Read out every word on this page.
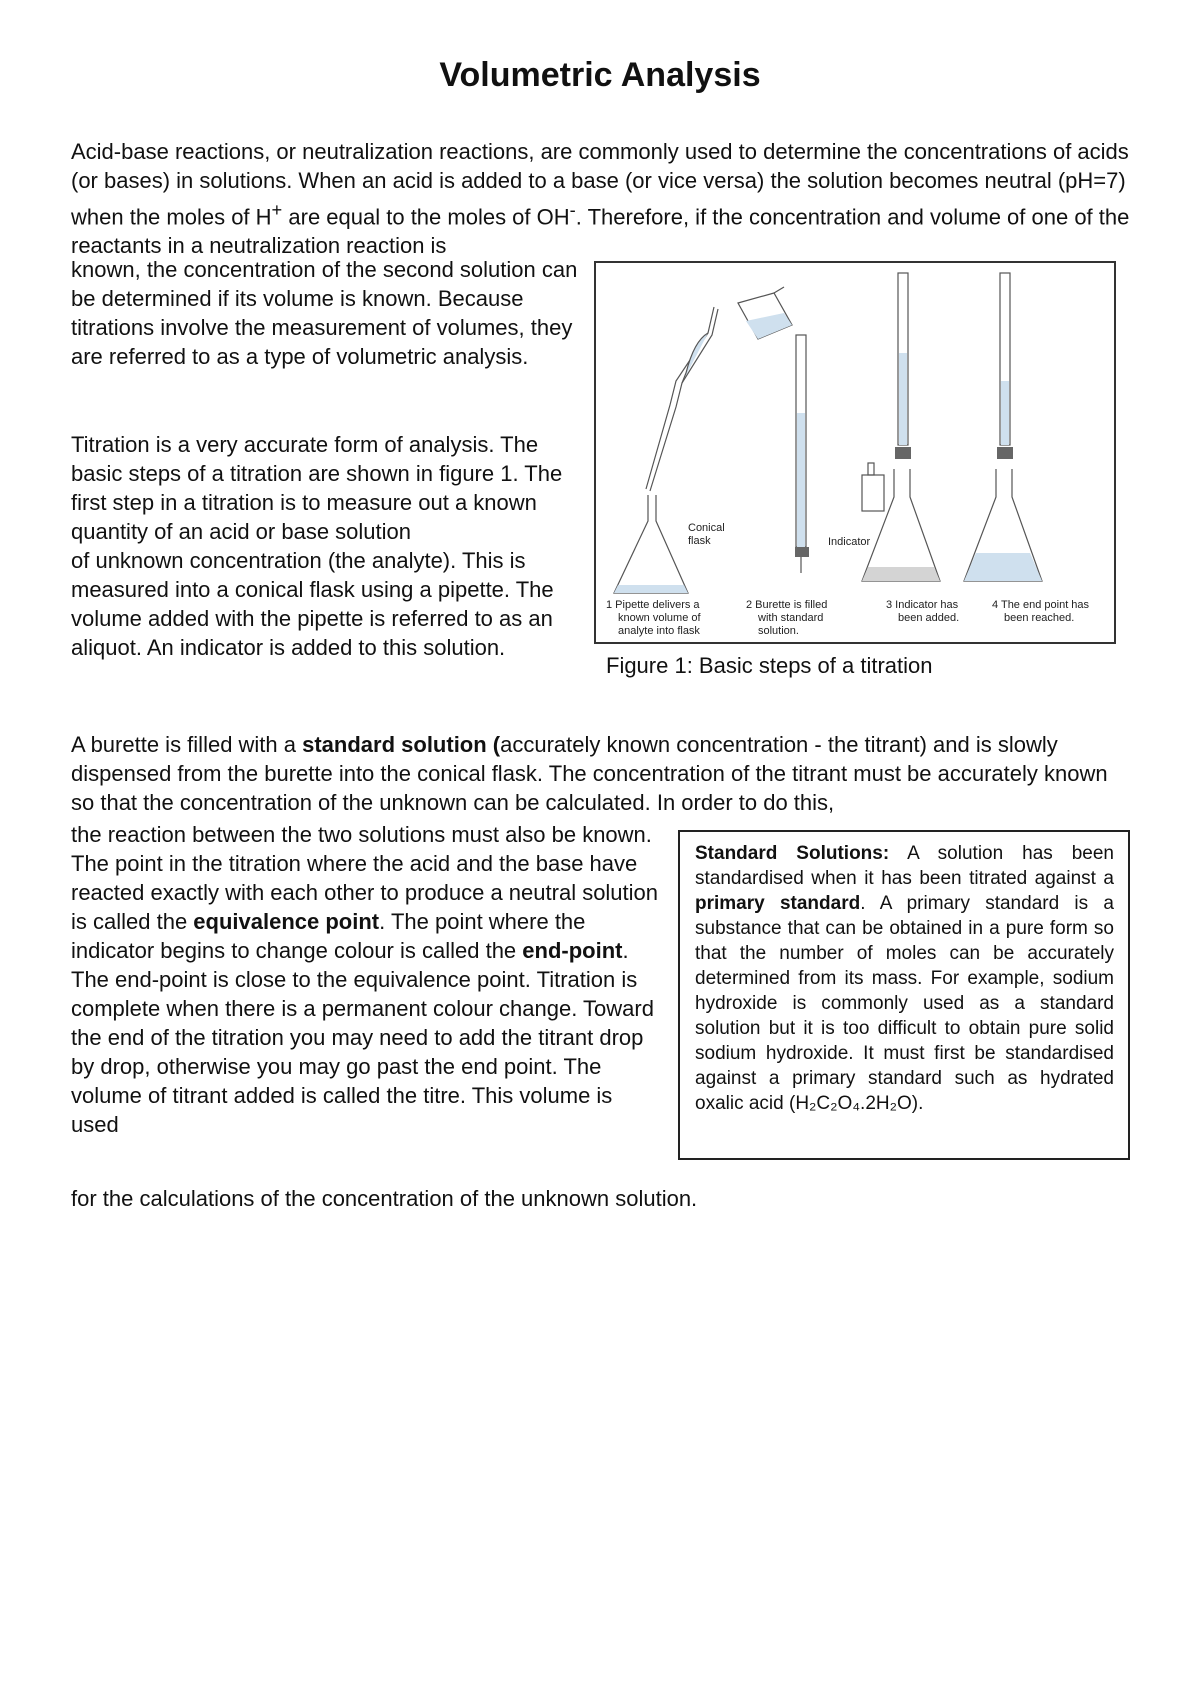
Volumetric Analysis

Acid-base reactions, or neutralization reactions, are commonly used to determine the concentrations of acids (or bases) in solutions. When an acid is added to a base (or vice versa) the solution becomes neutral (pH=7) when the moles of H+ are equal to the moles of OH-. Therefore, if the concentration and volume of one of the reactants in a neutralization reaction is

known, the concentration of the second solution can be determined if its volume is known. Because titrations involve the measurement of volumes, they are referred to as a type of volumetric analysis.

Titration is a very accurate form of analysis. The basic steps of a titration are shown in figure 1. The first step in a titration is to measure out a known quantity of an acid or base solution
of unknown concentration (the analyte). This is measured into a conical flask using a pipette. The volume added with the pipette is referred to as an aliquot. An indicator is added to this solution.

Conical
flask	Indicator
1 Pipette delivers a
known volume of
analyte into flask
2 Burette is filled
with standard
solution.
3 Indicator has
been added.
4 The end point has
been reached.

Figure 1: Basic steps of a titration

A burette is filled with a standard solution (accurately known concentration - the titrant) and is slowly dispensed from the burette into the conical flask. The concentration of the titrant must be accurately known so that the concentration of the unknown can be calculated. In order to do this,

the reaction between the two solutions must also be known.
The point in the titration where the acid and the base have reacted exactly with each other to produce a neutral solution is called the equivalence point. The point where the indicator begins to change colour is called the end-point. The end-point is close to the equivalence point. Titration is complete when there is a permanent colour change. Toward the end of the titration you may need to add the titrant drop by drop, otherwise you may go past the end point. The volume of titrant added is called the titre. This volume is used

for the calculations of the concentration of the unknown solution.

Standard Solutions: A solution has been standardised when it has been titrated against a primary standard. A primary standard is a substance that can be obtained in a pure form so that the number of moles can be accurately determined from its mass. For example, sodium hydroxide is commonly used as a standard solution but it is too difficult to obtain pure solid sodium hydroxide. It must first be standardised against a primary standard such as hydrated oxalic acid (H₂C₂O₄.2H₂O).
